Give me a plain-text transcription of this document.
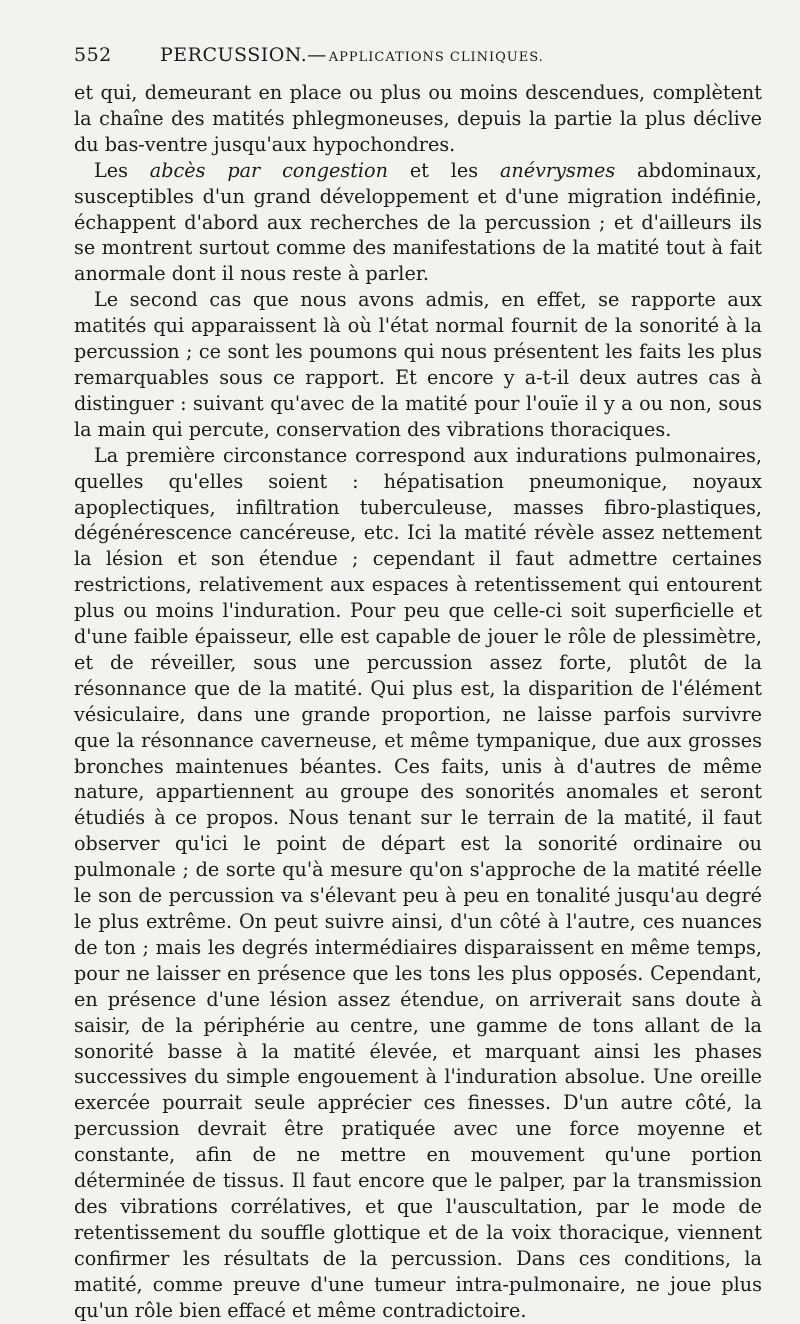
552	PERCUSSION. — APPLICATIONS CLINIQUES.

et qui, demeurant en place ou plus ou moins descendues, complètent la chaîne des matités phlegmoneuses, depuis la partie la plus déclive du bas-ventre jusqu'aux hypochondres.

Les abcès par congestion et les anévrysmes abdominaux, susceptibles d'un grand développement et d'une migration indéfinie, échappent d'abord aux recherches de la percussion ; et d'ailleurs ils se montrent surtout comme des manifestations de la matité tout à fait anormale dont il nous reste à parler.

Le second cas que nous avons admis, en effet, se rapporte aux matités qui apparaissent là où l'état normal fournit de la sonorité à la percussion ; ce sont les poumons qui nous présentent les faits les plus remarquables sous ce rapport. Et encore y a-t-il deux autres cas à distinguer : suivant qu'avec de la matité pour l'ouïe il y a ou non, sous la main qui percute, conservation des vibrations thoraciques.

La première circonstance correspond aux indurations pulmonaires, quelles qu'elles soient : hépatisation pneumonique, noyaux apoplectiques, infiltration tuberculeuse, masses fibro-plastiques, dégénérescence cancéreuse, etc. Ici la matité révèle assez nettement la lésion et son étendue ; cependant il faut admettre certaines restrictions, relativement aux espaces à retentissement qui entourent plus ou moins l'induration. Pour peu que celle-ci soit superficielle et d'une faible épaisseur, elle est capable de jouer le rôle de plessimètre, et de réveiller, sous une percussion assez forte, plutôt de la résonnance que de la matité. Qui plus est, la disparition de l'élément vésiculaire, dans une grande proportion, ne laisse parfois survivre que la résonnance caverneuse, et même tympanique, due aux grosses bronches maintenues béantes. Ces faits, unis à d'autres de même nature, appartiennent au groupe des sonorités anomales et seront étudiés à ce propos. Nous tenant sur le terrain de la matité, il faut observer qu'ici le point de départ est la sonorité ordinaire ou pulmonale ; de sorte qu'à mesure qu'on s'approche de la matité réelle le son de percussion va s'élevant peu à peu en tonalité jusqu'au degré le plus extrême. On peut suivre ainsi, d'un côté à l'autre, ces nuances de ton ; mais les degrés intermédiaires disparaissent en même temps, pour ne laisser en présence que les tons les plus opposés. Cependant, en présence d'une lésion assez étendue, on arriverait sans doute à saisir, de la périphérie au centre, une gamme de tons allant de la sonorité basse à la matité élevée, et marquant ainsi les phases successives du simple engouement à l'induration absolue. Une oreille exercée pourrait seule apprécier ces finesses. D'un autre côté, la percussion devrait être pratiquée avec une force moyenne et constante, afin de ne mettre en mouvement qu'une portion déterminée de tissus. Il faut encore que le palper, par la transmission des vibrations corrélatives, et que l'auscultation, par le mode de retentissement du souffle glottique et de la voix thoracique, viennent confirmer les résultats de la percussion. Dans ces conditions, la matité, comme preuve d'une tumeur intra-pulmonaire, ne joue plus qu'un rôle bien effacé et même contradictoire.
